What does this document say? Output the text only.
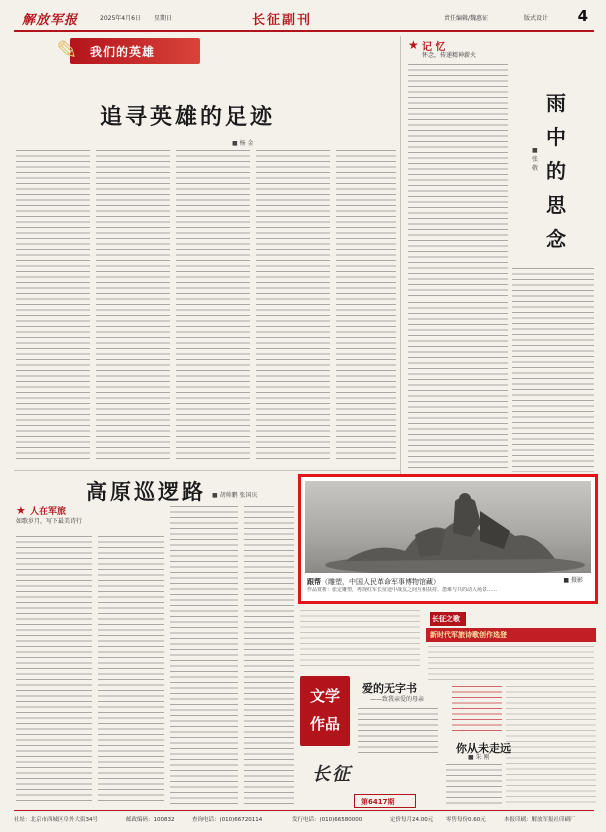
解放军报	2025年4月6日 星期日	长征副刊	责任编辑/魏惠征	版式设计 4
✎	我们的英雄
追寻英雄的足迹
■ 杨 金
★ 记 忆
怀念，传递精神薪火
雨中的思念
■ 张敬
高原巡逻路 ■ 胡帅鹏 张国庆
★ 人在军旅
如歌岁月，写下最美诗行
跟帮（雕塑，中国人民革命军事博物馆藏）	■ 摄影
作品赏析：张定雕塑，再现红军长征途中战友之间互相扶持、患难与共的动人场景……
长征之歌
新时代军旅诗歌创作选登
文学作品
爱的无字书
——致我亲爱的母亲
你从未走远
■ 朱 刚
长征
第6417期
社址：北京市西城区阜外大街34号	邮政编码：100832	查询电话：(010)66720114	发行电话：(010)66580000	定价每月24.00元 零售每份0.60元	本报印刷：解放军报社印刷厂
